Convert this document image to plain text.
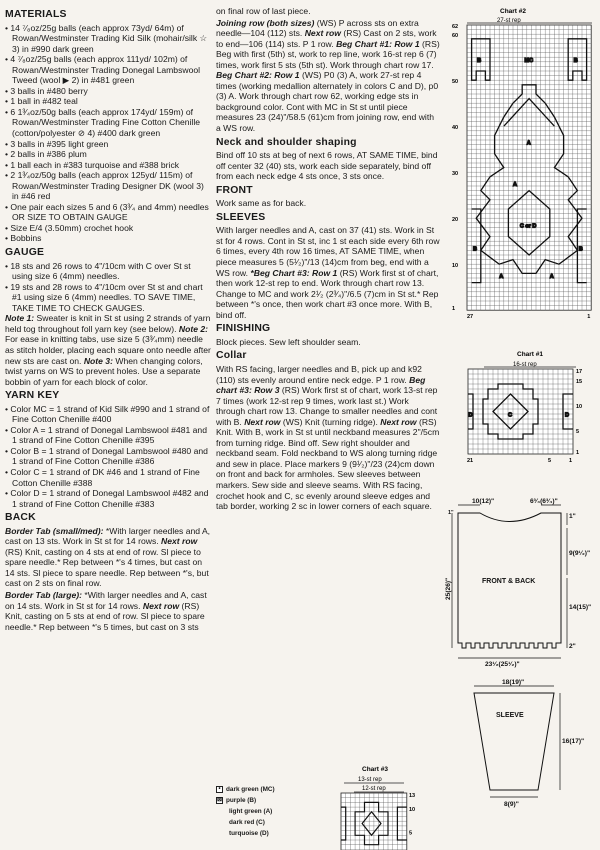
MATERIALS
• 14 ⁷⁄₈oz/25g balls (each approx 73yd/ 64m) of Rowan/Westminster Trading Kid Silk (mohair/silk ☆ 3) in #990 dark green
• 4 ⁷⁄₈oz/25g balls (each approx 111yd/ 102m) of Rowan/Westminster Trading Donegal Lambswool Tweed (wool ▶ 2) in #481 green
• 3 balls in #480 berry
• 1 ball in #482 teal
• 6 1³⁄₄oz/50g balls (each approx 174yd/ 159m) of Rowan/Westminster Trading Fine Cotton Chenille (cotton/polyester ⊘ 4) #400 dark green
• 3 balls in #395 light green
• 2 balls in #386 plum
• 1 ball each in #383 turquoise and #388 brick
• 2 1³⁄₄oz/50g balls (each approx 125yd/ 115m) of Rowan/Westminster Trading Designer DK (wool 3) in #46 red
• One pair each sizes 5 and 6 (3³⁄₄ and 4mm) needles OR SIZE TO OBTAIN GAUGE
• Size E/4 (3.50mm) crochet hook
• Bobbins
GAUGE
• 18 sts and 26 rows to 4"/10cm with C over St st using size 6 (4mm) needles.
• 19 sts and 28 rows to 4"/10cm over St st and chart #1 using size 6 (4mm) needles. TO SAVE TIME, TAKE TIME TO CHECK GAUGES.
Note 1: Sweater is knit in St st using 2 strands of yarn held tog throughout foll yarn key (see below). Note 2: For ease in knitting tabs, use size 5 (3³⁄₄mm) needle as stitch holder, placing each square onto needle after new sts are cast on. Note 3: When changing colors, twist yarns on WS to prevent holes. Use a separate bobbin of yarn for each block of color.
YARN KEY
• Color MC = 1 strand of Kid Silk #990 and 1 strand of Fine Cotton Chenille #400
• Color A = 1 strand of Donegal Lambswool #481 and 1 strand of Fine Cotton Chenille #395
• Color B = 1 strand of Donegal Lambswool #480 and 1 strand of Fine Cotton Chenille #386
• Color C = 1 strand of DK #46 and 1 strand of Fine Cotton Chenille #388
• Color D = 1 strand of Donegal Lambswool #482 and 1 strand of Fine Cotton Chenille #383
BACK
Border Tab (small/med): *With larger needles and A, cast on 13 sts. Work in St st for 14 rows. Next row (RS) Knit, casting on 4 sts at end of row. Sl piece to spare needle.* Rep between *'s 4 times, but cast on 14 sts. Sl piece to spare needle. Rep between *'s, but cast on 2 sts on final row.
Border Tab (large): *With larger needles and A, cast on 14 sts. Work in St st for 14 rows. Next row (RS) Knit, casting on 5 sts at end of row. Sl piece to spare needle.* Rep between *'s 5 times, but cast on 3 sts
on final row of last piece.
Joining row (both sizes) (WS) P across sts on extra needle—104 (112) sts. Next row (RS) Cast on 2 sts, work to end—106 (114) sts. P 1 row. Beg Chart #1: Row 1 (RS) Beg with first (5th) st, work to rep line, work 16-st rep 6 (7) times, work first 5 sts (5th st). Work through chart row 17. Beg Chart #2: Row 1 (WS) P0 (3) A, work 27-st rep 4 times (working medallion alternately in colors C and D), p0 (3) A. Work through chart row 62, working edge sts in background color. Cont with MC in St st until piece measures 23 (24)"/58.5 (61)cm from joining row, end with a WS row.
Neck and shoulder shaping
Bind off 10 sts at beg of next 6 rows, AT SAME TIME, bind off center 32 (40) sts, work each side separately, bind off from each neck edge 4 sts once, 3 sts once.
FRONT
Work same as for back.
SLEEVES
With larger needles and A, cast on 37 (41) sts. Work in St st for 4 rows. Cont in St st, inc 1 st each side every 6th row 6 times, every 4th row 16 times, AT SAME TIME, when piece measures 5 (5¹⁄₂)"/13 (14)cm from beg, end with a WS row. *Beg Chart #3: Row 1 (RS) Work first st of chart, then work 12-st rep to end. Work through chart row 13. Change to MC and work 2¹⁄₂ (2³⁄₄)"/6.5 (7)cm in St st.* Rep between *'s once, then work chart #3 once more. With B, bind off.
FINISHING
Block pieces. Sew left shoulder seam.
Collar
With RS facing, larger needles and B, pick up and k92 (110) sts evenly around entire neck edge. P 1 row. Beg chart #3: Row 3 (RS) Work first st of chart, work 13-st rep 7 times (work 12-st rep 9 times, work last st.) Work through chart row 13. Change to smaller needles and cont with B. Next row (WS) Knit (turning ridge). Next row (RS) Knit. With B, work in St st until neckband measures 2"/5cm from turning ridge. Bind off. Sew right shoulder and neckband seam. Fold neckband to WS along turning ridge and sew in place. Place markers 9 (9¹⁄₂)"/23 (24)cm down on front and back for armholes. Sew sleeves between markers. Sew side and sleeve seams. With RS facing, crochet hook and C, sc evenly around sleeve edges and tab border, working 2 sc in lower corners of each square.
• dark green (MC)
⊠ purple (B)
light green (A)
dark red (C)
turquoise (D)
Chart #2
27-st rep
62
60
50
40
30
20
10
1
27	1
B	MC	B
A
A
C or D
A	A
B	B
Chart #1
16-st rep
17
15
10
5
1
21	5	1
C
D	D
Chart #3
13-st rep
12-st rep
13
10
5
10(12)"	6³⁄₄(6³⁄₄)"
1"	1"
9(9¹⁄₂)"
14(15)"
2"
23¹⁄₂(25¹⁄₂)"
FRONT & BACK
25(26)"
18(19)"
SLEEVE
16(17)"
8(9)"
